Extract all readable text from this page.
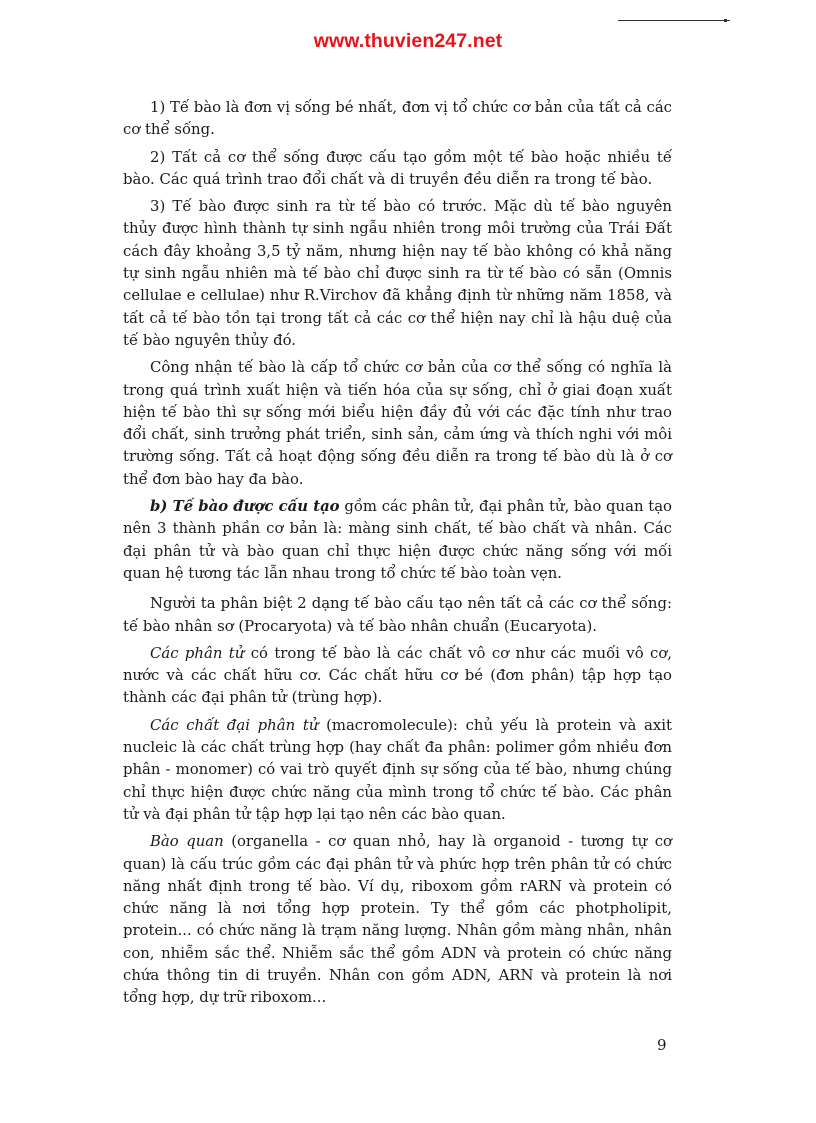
www.thuvien247.net

1) Tế bào là đơn vị sống bé nhất, đơn vị tổ chức cơ bản của tất cả các cơ thể sống.

2) Tất cả cơ thể sống được cấu tạo gồm một tế bào hoặc nhiều tế bào. Các quá trình trao đổi chất và di truyền đều diễn ra trong tế bào.

3) Tế bào được sinh ra từ tế bào có trước. Mặc dù tế bào nguyên thủy được hình thành tự sinh ngẫu nhiên trong môi trường của Trái Đất cách đây khoảng 3,5 tỷ năm, nhưng hiện nay tế bào không có khả năng tự sinh ngẫu nhiên mà tế bào chỉ được sinh ra từ tế bào có sẵn (Omnis cellulae e cellulae) như R.Virchov đã khẳng định từ những năm 1858, và tất cả tế bào tồn tại trong tất cả các cơ thể hiện nay chỉ là hậu duệ của tế bào nguyên thủy đó.

Công nhận tế bào là cấp tổ chức cơ bản của cơ thể sống có nghĩa là trong quá trình xuất hiện và tiến hóa của sự sống, chỉ ở giai đoạn xuất hiện tế bào thì sự sống mới biểu hiện đầy đủ với các đặc tính như trao đổi chất, sinh trưởng phát triển, sinh sản, cảm ứng và thích nghi với môi trường sống. Tất cả hoạt động sống đều diễn ra trong tế bào dù là ở cơ thể đơn bào hay đa bào.

b) Tế bào được cấu tạo gồm các phân tử, đại phân tử, bào quan tạo nên 3 thành phần cơ bản là: màng sinh chất, tế bào chất và nhân. Các đại phân tử và bào quan chỉ thực hiện được chức năng sống với mối quan hệ tương tác lẫn nhau trong tổ chức tế bào toàn vẹn.

Người ta phân biệt 2 dạng tế bào cấu tạo nên tất cả các cơ thể sống: tế bào nhân sơ (Procaryota) và tế bào nhân chuẩn (Eucaryota).

Các phân tử có trong tế bào là các chất vô cơ như các muối vô cơ, nước và các chất hữu cơ. Các chất hữu cơ bé (đơn phân) tập hợp tạo thành các đại phân tử (trùng hợp).

Các chất đại phân tử (macromolecule): chủ yếu là protein và axit nucleic là các chất trùng hợp (hay chất đa phân: polimer gồm nhiều đơn phân - monomer) có vai trò quyết định sự sống của tế bào, nhưng chúng chỉ thực hiện được chức năng của mình trong tổ chức tế bào. Các phân tử và đại phân tử tập hợp lại tạo nên các bào quan.

Bào quan (organella - cơ quan nhỏ, hay là organoid - tương tự cơ quan) là cấu trúc gồm các đại phân tử và phức hợp trên phân tử có chức năng nhất định trong tế bào. Ví dụ, riboxom gồm rARN và protein có chức năng là nơi tổng hợp protein. Ty thể gồm các photpholipit, protein... có chức năng là trạm năng lượng. Nhân gồm màng nhân, nhân con, nhiễm sắc thể. Nhiễm sắc thể gồm ADN và protein có chức năng chứa thông tin di truyền. Nhân con gồm ADN, ARN và protein là nơi tổng hợp, dự trữ riboxom...

9
